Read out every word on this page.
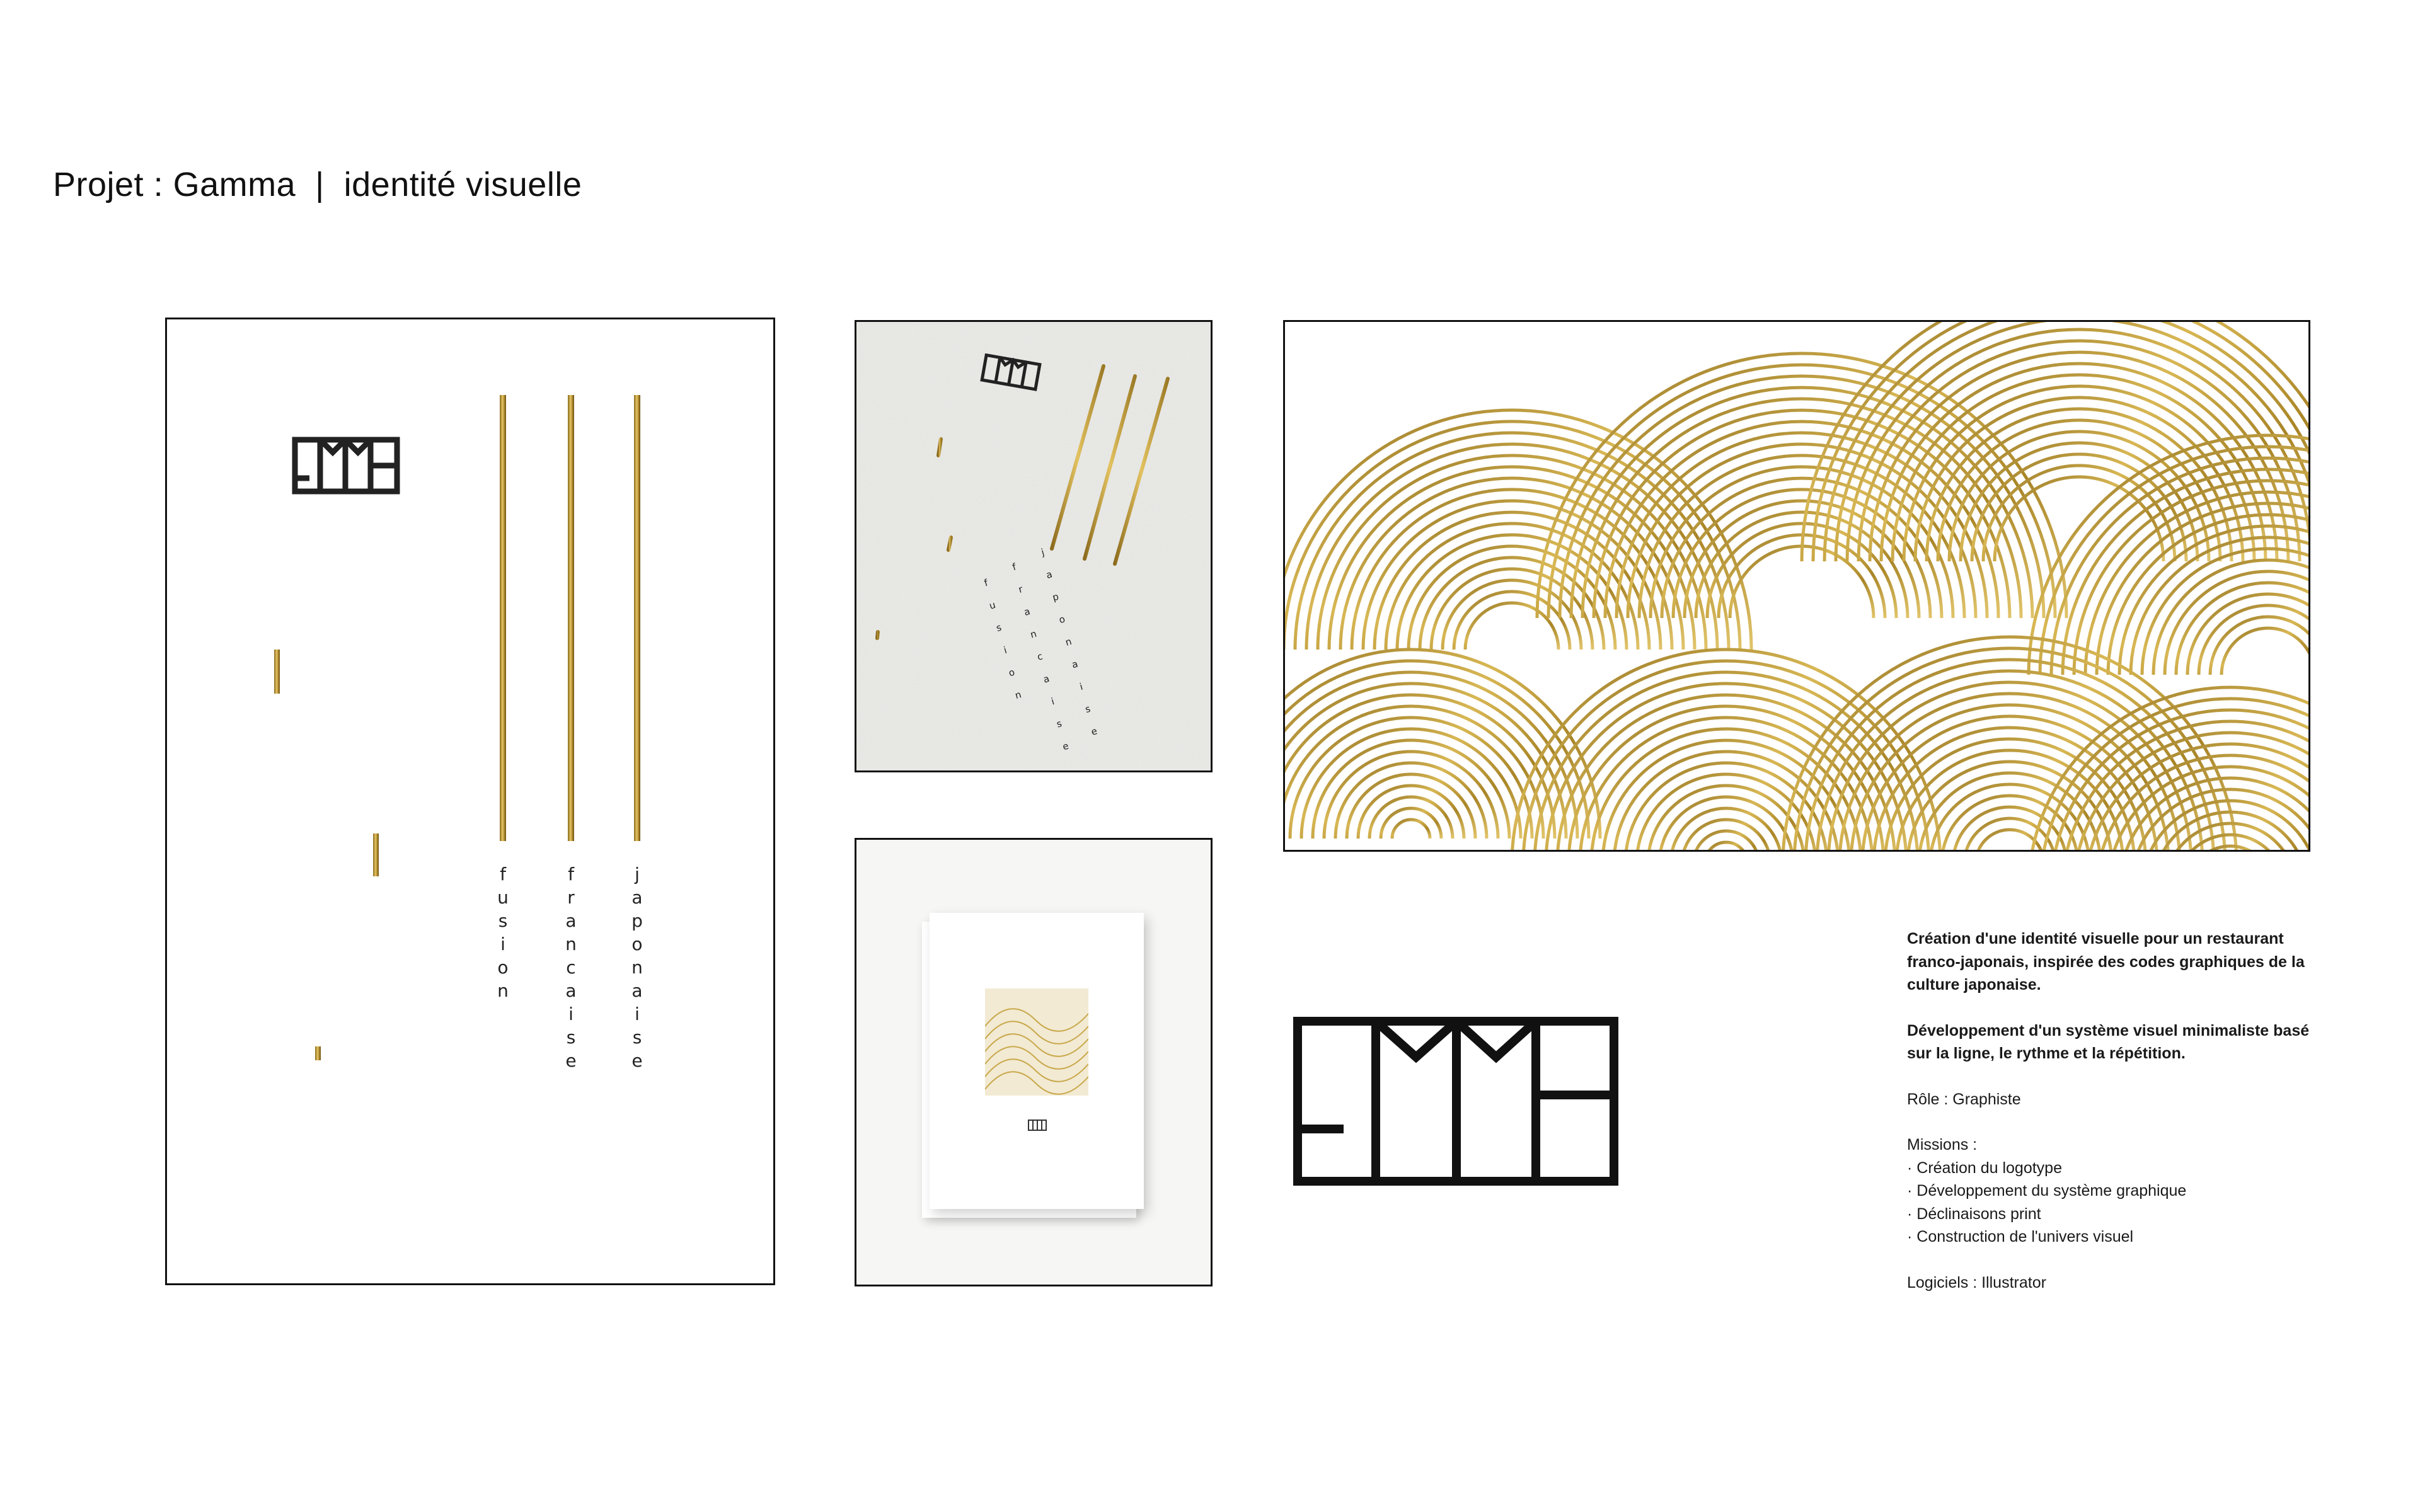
Projet : Gamma  |  identité visuelle
f
u
s
i
o
n
f
r
a
n
c
a
i
s
e
j
a
p
o
n
a
i
s
e
f
u
s
i
o
n
f
r
a
n
c
a
i
s
e
j
a
p
o
n
a
i
s
e

Création d'une identité visuelle pour un restaurant franco-japonais, inspirée des codes graphiques de la culture japonaise.

Développement d'un système visuel minimaliste basé sur la ligne, le rythme et la répétition.

Rôle : Graphiste

Missions :

· Création du logotype

· Développement du système graphique

· Déclinaisons print

· Construction de l'univers visuel

Logiciels : Illustrator
